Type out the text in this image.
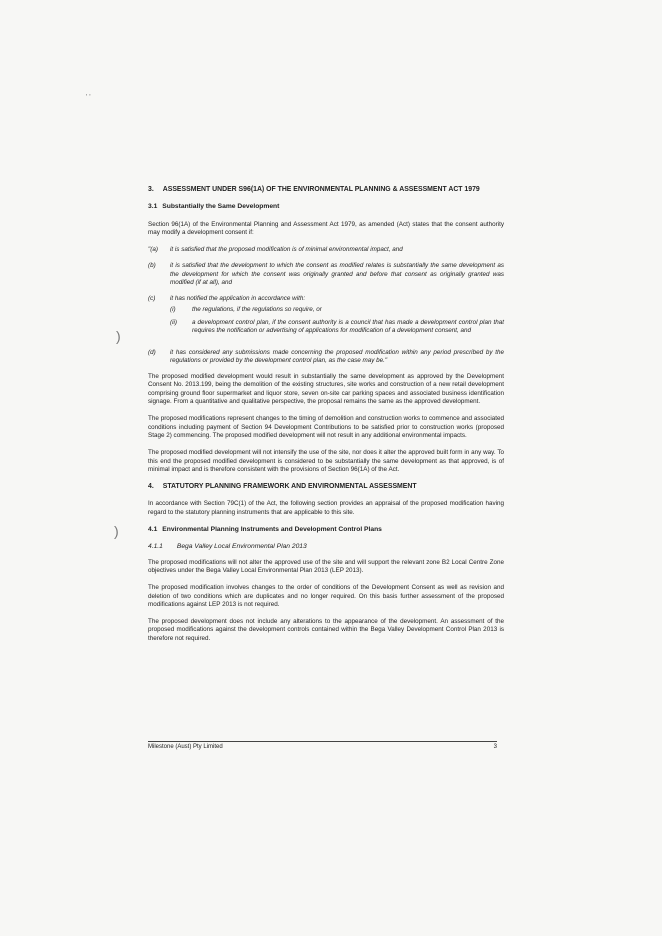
' '
)
)
3. ASSESSMENT UNDER S96(1A) OF THE ENVIRONMENTAL PLANNING & ASSESSMENT ACT 1979
3.1 Substantially the Same Development

Section 96(1A) of the Environmental Planning and Assessment Act 1979, as amended (Act) states that the consent authority may modify a development consent if:

"(a)	it is satisfied that the proposed modification is of minimal environmental impact, and
(b)	it is satisfied that the development to which the consent as modified relates is substantially the same development as the development for which the consent was originally granted and before that consent as originally granted was modified (if at all), and
(c)	it has notified the application in accordance with:
(i)	the regulations, if the regulations so require, or
(ii)	a development control plan, if the consent authority is a council that has made a development control plan that requires the notification or advertising of applications for modification of a development consent, and
(d)	it has considered any submissions made concerning the proposed modification within any period prescribed by the regulations or provided by the development control plan, as the case may be."

The proposed modified development would result in substantially the same development as approved by the Development Consent No. 2013.199, being the demolition of the existing structures, site works and construction of a new retail development comprising ground floor supermarket and liquor store, seven on-site car parking spaces and associated business identification signage. From a quantitative and qualitative perspective, the proposal remains the same as the approved development.

The proposed modifications represent changes to the timing of demolition and construction works to commence and associated conditions including payment of Section 94 Development Contributions to be satisfied prior to construction works (proposed Stage 2) commencing. The proposed modified development will not result in any additional environmental impacts.

The proposed modified development will not intensify the use of the site, nor does it alter the approved built form in any way. To this end the proposed modified development is considered to be substantially the same development as that approved, is of minimal impact and is therefore consistent with the provisions of Section 96(1A) of the Act.

4. STATUTORY PLANNING FRAMEWORK AND ENVIRONMENTAL ASSESSMENT

In accordance with Section 79C(1) of the Act, the following section provides an appraisal of the proposed modification having regard to the statutory planning instruments that are applicable to this site.

4.1 Environmental Planning Instruments and Development Control Plans
4.1.1 Bega Valley Local Environmental Plan 2013

The proposed modifications will not alter the approved use of the site and will support the relevant zone B2 Local Centre Zone objectives under the Bega Valley Local Environmental Plan 2013 (LEP 2013).

The proposed modification involves changes to the order of conditions of the Development Consent as well as revision and deletion of two conditions which are duplicates and no longer required. On this basis further assessment of the proposed modifications against LEP 2013 is not required.

The proposed development does not include any alterations to the appearance of the development. An assessment of the proposed modifications against the development controls contained within the Bega Valley Development Control Plan 2013 is therefore not required.

Milestone (Aust) Pty Limited	3
